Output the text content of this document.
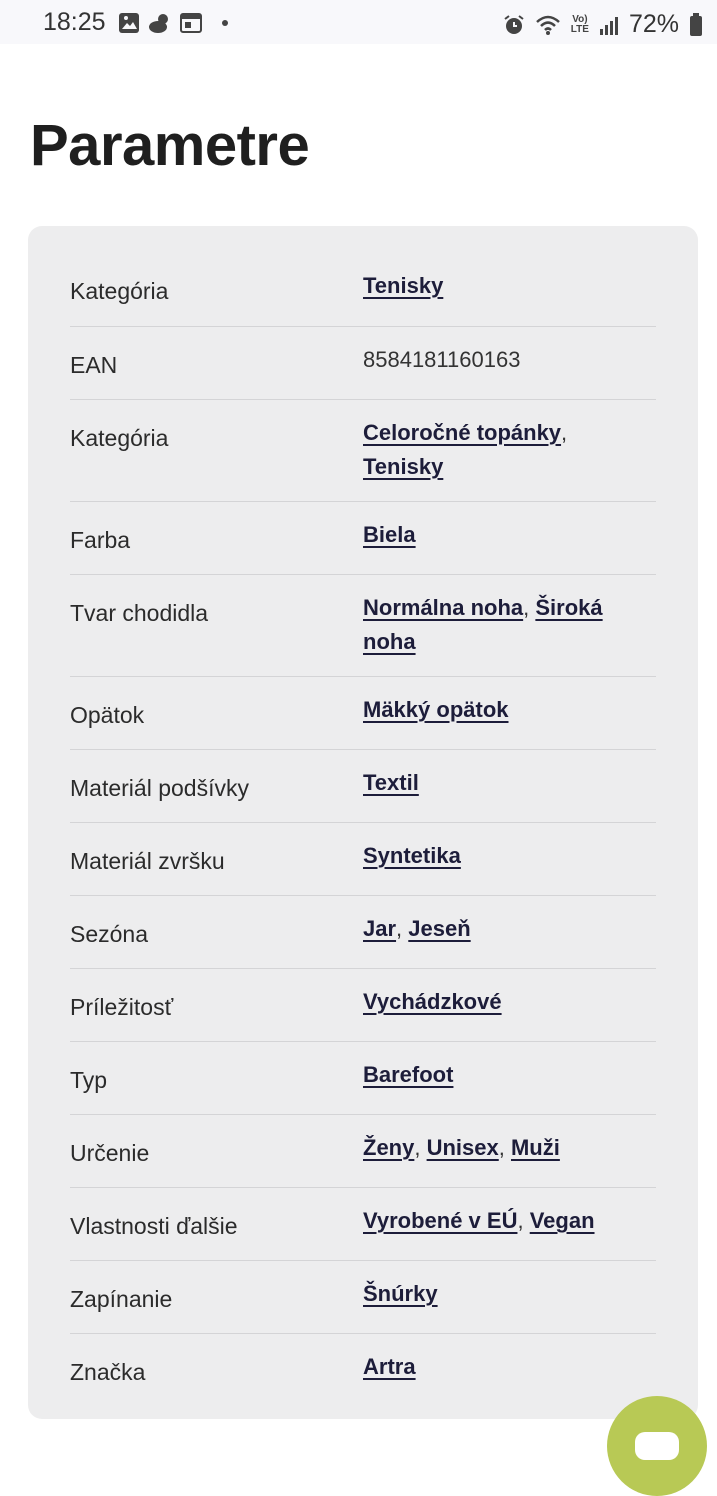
18:25	Vo)
LTE 72%
Parametre
Kategória	Tenisky
EAN	8584181160163
Kategória	Celoročné topánky, Tenisky
Farba	Biela
Tvar chodidla	Normálna noha, Široká noha
Opätok	Mäkký opätok
Materiál podšívky	Textil
Materiál zvršku	Syntetika
Sezóna	Jar, Jeseň
Príležitosť	Vychádzkové
Typ	Barefoot
Určenie	Ženy, Unisex, Muži
Vlastnosti ďalšie	Vyrobené v EÚ, Vegan
Zapínanie	Šnúrky
Značka	Artra
